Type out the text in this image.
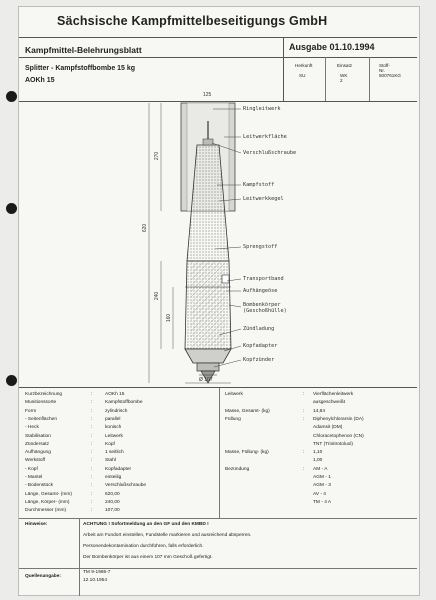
Sächsische Kampfmittelbeseitigungs GmbH
Kampfmittel-Belehrungsblatt
Splitter - Kampfstoffbombe 15 kg
AOKh 15
Ausgabe 01.10.1994
Herkunft
SU
Einsatz
WK 2
Stoff-Nr.
500761KG
125
270
620
240
160
Ø 107
Ringleitwerk
Leitwerkfläche
Verschlußschraube
Kampfstoff
Leitwerkkegel
Sprengstoff
Transportband
Aufhängeöse
Bombenkörper (Geschoßhülle)
Zündladung
Kopfadapter
Kopfzünder
Kurzbezeichnung	:	AOKh 15
Munitionssorte	:	Kampfstoffbombe
Form	:	zylindrisch
- Seitenflächen	:	parallel
- Heck	:	konisch
Stabilisation	:	Leitwerk
Zündersatz	:	Kopf
Aufhängung	:	1 seitlich
Werkstoff	:	Stahl
- Kopf	:	Kopfadapter
- Mantel	:	einteilig
- Bodenstück	:	Verschlußschraube
Länge, Gesamt- (mm)	:	620,00
Länge, Körper- (mm)	:	240,00
Durchmesser (mm)	:	107,00
Leitwerk	: Vierflächenleitwerk
ausgeschweißt
Masse, Gesamt- (kg)	: 14,84
Füllung	: Diphenylchlorarsin (DA)
Adamsit (DM)
Chloracetophenon (CN)
TNT (Trinitrotoluol)
Masse, Füllung- (kg)	: 1,10
1,00
Bezündung	: AM - A
AGM - 1
AGM - 3
AV - 4
TM - 4 A
Hinweise:	ACHTUNG ! Sofortmeldung an den GF und den KMBD !
Arbeit am Fundort einstellen, Fundstelle markieren und ausreichend absperren.
Personendekontamination durchführen, falls erforderlich.
Der Bombenkörper ist aus einem 107 mm Geschoß gefertigt.
Quellenangabe:
TM 9-1985-7
12.10.1954
